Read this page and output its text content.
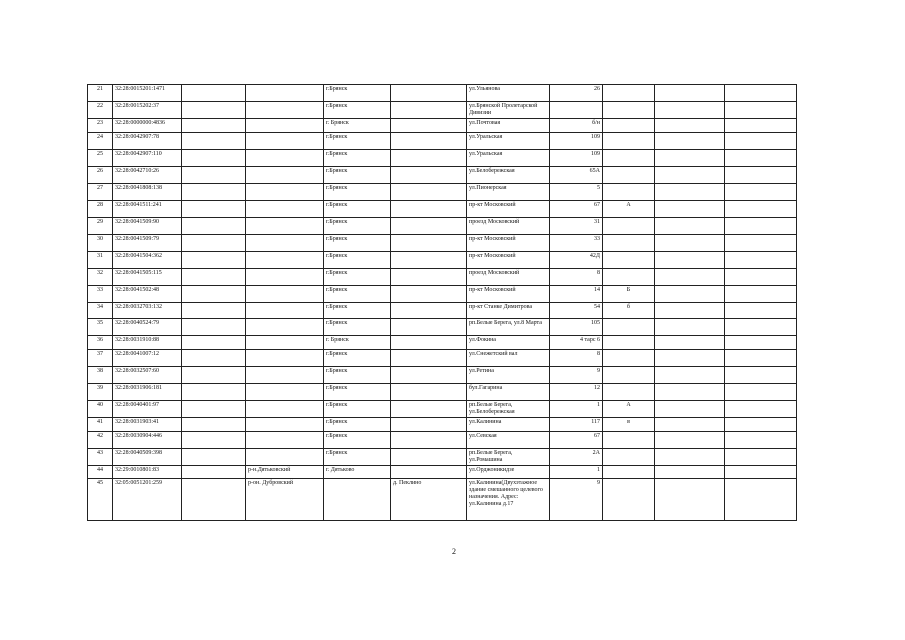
21	32:28:0015201:1471			г.Брянск		ул.Ульянова	26			
22	32:28:0015202:37			г.Брянск		ул.Брянской Пролетарской Дивизии				
23	32:28:0000000:4836			г. Брянск		ул.Почтовая	б/н			
24	32:28:0042907:78			г.Брянск		ул.Уральская	109			
25	32:28:0042907:110			г.Брянск		ул.Уральская	109			
26	32:28:0042710:26			г.Брянск		ул.Белобережская	65А			
27	32:28:0041808:138			г.Брянск		ул.Пионерская	5			
28	32:28:0041511:241			г.Брянск		пр-кт Московский	67	А		
29	32:28:0041509:90			г.Брянск		проезд Московский	31			
30	32:28:0041509:79			г.Брянск		пр-кт Московский	33			
31	32:28:0041504:362			г.Брянск		пр-кт Московский	42Д			
32	32:28:0041505:115			г.Брянск		проезд Московский	8			
33	32:28:0041502:48			г.Брянск		пр-кт Московский	14	Б		
34	32:28:0032703:132			г.Брянск		пр-кт Станке Димитрова	54	б		
35	32:28:0040524:79			г.Брянск		рп.Белые Берега, ул.8 Марта	105			
36	32:28:0031910:88			г. Брянск		ул.Фокина	4 тарс 6			
37	32:28:0041007:12			г.Брянск		ул.Снежетский вал	8			
38	32:28:0032507:60			г.Брянск		ул.Ретина	9			
39	32:28:0031906:181			г.Брянск		бул.Гагарина	12			
40	32:28:0040401:97			г.Брянск		рп.Белые Берега, ул.Белобережская	1	А		
41	32:28:0031903:41			г.Брянск		ул.Калинина	117	в		
42	32:28:0030904:446			г.Брянск		ул.Севская	67			
43	32:28:0040509:398			г.Брянск		рп.Белые Берега, ул.Ромашина	2А			
44	32:29:0010801:83		р-н.Дятьковский	г. Дятьково		ул.Орджоникидзе	1			
45	32:05:0051201:259		р-он. Дубровский		д. Пеклино	ул.Калинина(Двухэтажное здание смешанного целевого назначения. Адрес: ул.Калинина д.17	9			
2
